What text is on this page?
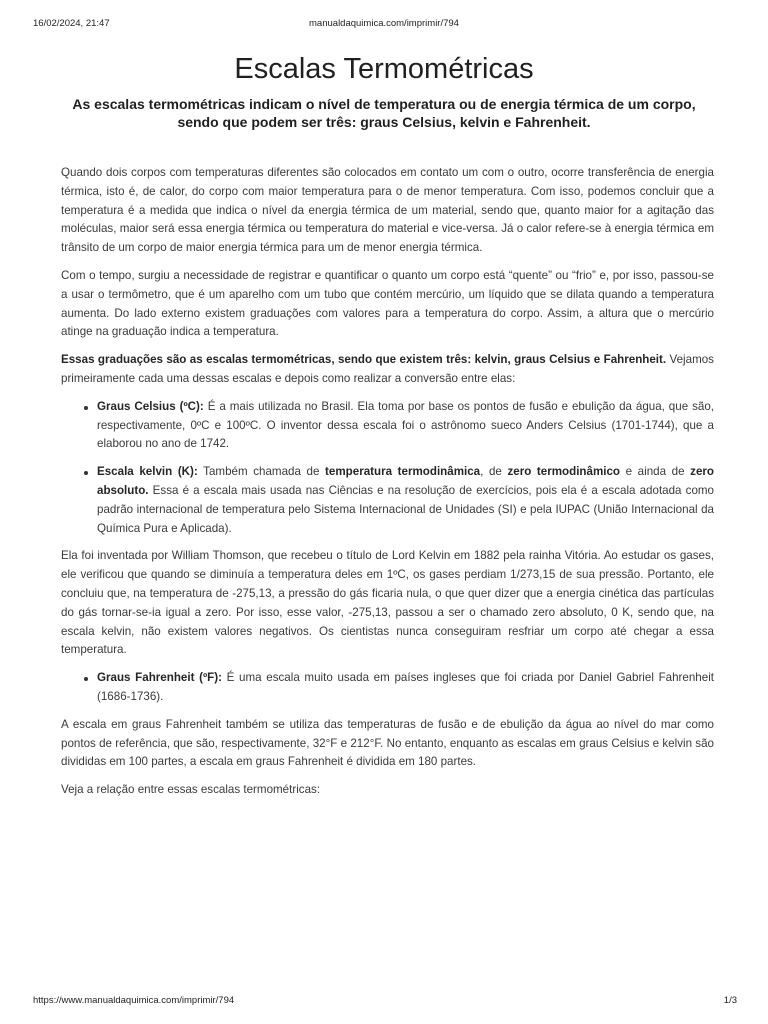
16/02/2024, 21:47	manualdaquimica.com/imprimir/794
Escalas Termométricas

As escalas termométricas indicam o nível de temperatura ou de energia térmica de um corpo, sendo que podem ser três: graus Celsius, kelvin e Fahrenheit.

Quando dois corpos com temperaturas diferentes são colocados em contato um com o outro, ocorre transferência de energia térmica, isto é, de calor, do corpo com maior temperatura para o de menor temperatura. Com isso, podemos concluir que a temperatura é a medida que indica o nível da energia térmica de um material, sendo que, quanto maior for a agitação das moléculas, maior será essa energia térmica ou temperatura do material e vice-versa. Já o calor refere-se à energia térmica em trânsito de um corpo de maior energia térmica para um de menor energia térmica.

Com o tempo, surgiu a necessidade de registrar e quantificar o quanto um corpo está “quente” ou “frio” e, por isso, passou-se a usar o termômetro, que é um aparelho com um tubo que contém mercúrio, um líquido que se dilata quando a temperatura aumenta. Do lado externo existem graduações com valores para a temperatura do corpo. Assim, a altura que o mercúrio atinge na graduação indica a temperatura.

Essas graduações são as escalas termométricas, sendo que existem três: kelvin, graus Celsius e Fahrenheit. Vejamos primeiramente cada uma dessas escalas e depois como realizar a conversão entre elas:

Graus Celsius (ºC): É a mais utilizada no Brasil. Ela toma por base os pontos de fusão e ebulição da água, que são, respectivamente, 0ºC e 100ºC. O inventor dessa escala foi o astrônomo sueco Anders Celsius (1701-1744), que a elaborou no ano de 1742.
Escala kelvin (K): Também chamada de temperatura termodinâmica, de zero termodinâmico e ainda de zero absoluto. Essa é a escala mais usada nas Ciências e na resolução de exercícios, pois ela é a escala adotada como padrão internacional de temperatura pelo Sistema Internacional de Unidades (SI) e pela IUPAC (União Internacional da Química Pura e Aplicada).

Ela foi inventada por William Thomson, que recebeu o título de Lord Kelvin em 1882 pela rainha Vitória. Ao estudar os gases, ele verificou que quando se diminuía a temperatura deles em 1ºC, os gases perdiam 1/273,15 de sua pressão. Portanto, ele concluiu que, na temperatura de -275,13, a pressão do gás ficaria nula, o que quer dizer que a energia cinética das partículas do gás tornar-se-ia igual a zero. Por isso, esse valor, -275,13, passou a ser o chamado zero absoluto, 0 K, sendo que, na escala kelvin, não existem valores negativos. Os cientistas nunca conseguiram resfriar um corpo até chegar a essa temperatura.

Graus Fahrenheit (ºF): É uma escala muito usada em países ingleses que foi criada por Daniel Gabriel Fahrenheit (1686-1736).

A escala em graus Fahrenheit também se utiliza das temperaturas de fusão e de ebulição da água ao nível do mar como pontos de referência, que são, respectivamente, 32°F e 212°F. No entanto, enquanto as escalas em graus Celsius e kelvin são divididas em 100 partes, a escala em graus Fahrenheit é dividida em 180 partes.

Veja a relação entre essas escalas termométricas:

https://www.manualdaquimica.com/imprimir/794	1/3
